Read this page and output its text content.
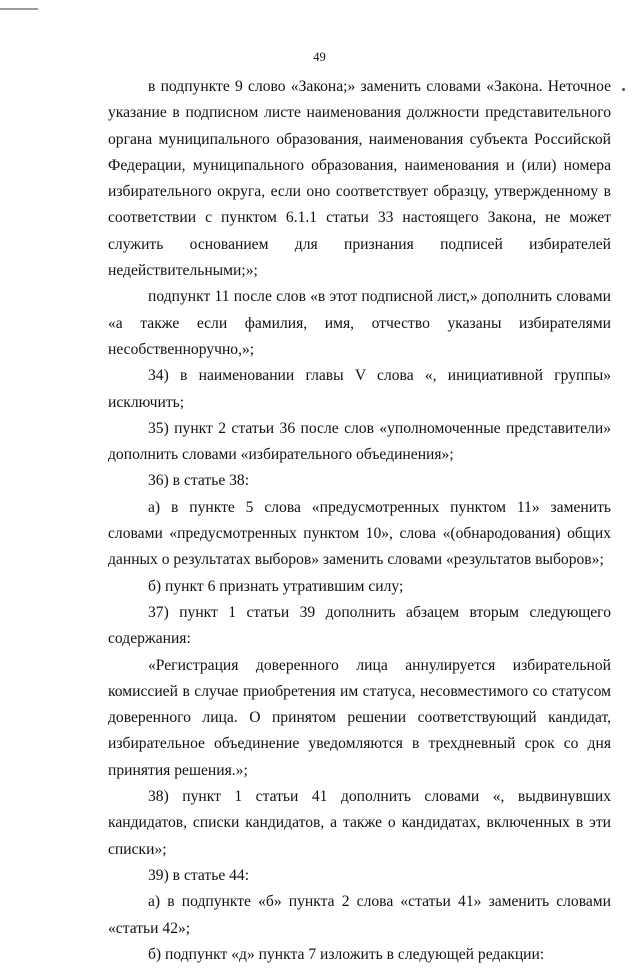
49

в подпункте 9 слово «Закона;» заменить словами «Закона. Неточное указание в подписном листе наименования должности представительного органа муниципального образования, наименования субъекта Российской Федерации, муниципального образования, наименования и (или) номера избирательного округа, если оно соответствует образцу, утвержденному в соответствии с пунктом 6.1.1 статьи 33 настоящего Закона, не может служить основанием для признания подписей избирателей недействительными;»;

подпункт 11 после слов «в этот подписной лист,» дополнить словами «а также если фамилия, имя, отчество указаны избирателями несобственноручно,»;

34) в наименовании главы V слова «, инициативной группы» исключить;

35) пункт 2 статьи 36 после слов «уполномоченные представители» дополнить словами «избирательного объединения»;

36) в статье 38:

а) в пункте 5 слова «предусмотренных пунктом 11» заменить словами «предусмотренных пунктом 10», слова «(обнародования) общих данных о результатах выборов» заменить словами «результатов выборов»;

б) пункт 6 признать утратившим силу;

37) пункт 1 статьи 39 дополнить абзацем вторым следующего содержания:

«Регистрация доверенного лица аннулируется избирательной комиссией в случае приобретения им статуса, несовместимого со статусом доверенного лица. О принятом решении соответствующий кандидат, избирательное объединение уведомляются в трехдневный срок со дня принятия решения.»;

38) пункт 1 статьи 41 дополнить словами «, выдвинувших кандидатов, списки кандидатов, а также о кандидатах, включенных в эти списки»;

39) в статье 44:

а) в подпункте «б» пункта 2 слова «статьи 41» заменить словами «статьи 42»;

б) подпункт «д» пункта 7 изложить в следующей редакции:
